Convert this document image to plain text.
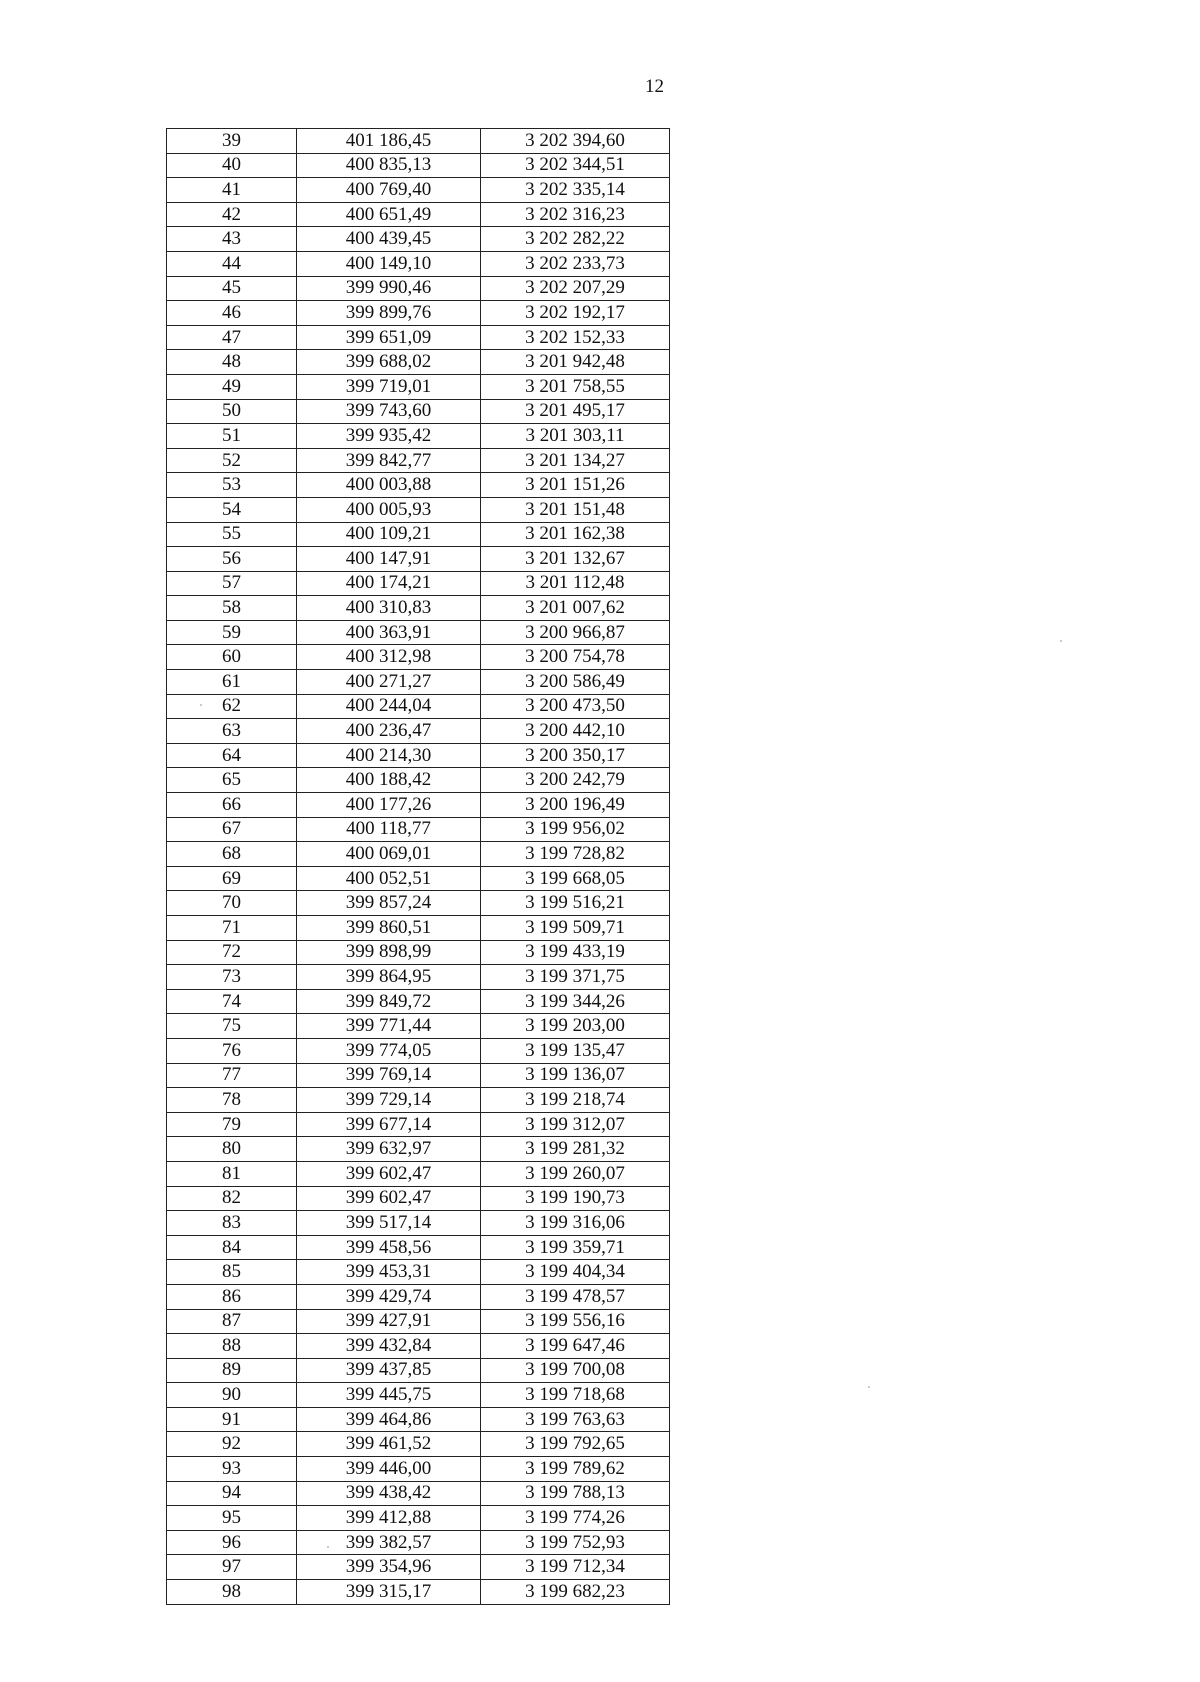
12
39	401 186,45	3 202 394,60
40	400 835,13	3 202 344,51
41	400 769,40	3 202 335,14
42	400 651,49	3 202 316,23
43	400 439,45	3 202 282,22
44	400 149,10	3 202 233,73
45	399 990,46	3 202 207,29
46	399 899,76	3 202 192,17
47	399 651,09	3 202 152,33
48	399 688,02	3 201 942,48
49	399 719,01	3 201 758,55
50	399 743,60	3 201 495,17
51	399 935,42	3 201 303,11
52	399 842,77	3 201 134,27
53	400 003,88	3 201 151,26
54	400 005,93	3 201 151,48
55	400 109,21	3 201 162,38
56	400 147,91	3 201 132,67
57	400 174,21	3 201 112,48
58	400 310,83	3 201 007,62
59	400 363,91	3 200 966,87
60	400 312,98	3 200 754,78
61	400 271,27	3 200 586,49
62	400 244,04	3 200 473,50
63	400 236,47	3 200 442,10
64	400 214,30	3 200 350,17
65	400 188,42	3 200 242,79
66	400 177,26	3 200 196,49
67	400 118,77	3 199 956,02
68	400 069,01	3 199 728,82
69	400 052,51	3 199 668,05
70	399 857,24	3 199 516,21
71	399 860,51	3 199 509,71
72	399 898,99	3 199 433,19
73	399 864,95	3 199 371,75
74	399 849,72	3 199 344,26
75	399 771,44	3 199 203,00
76	399 774,05	3 199 135,47
77	399 769,14	3 199 136,07
78	399 729,14	3 199 218,74
79	399 677,14	3 199 312,07
80	399 632,97	3 199 281,32
81	399 602,47	3 199 260,07
82	399 602,47	3 199 190,73
83	399 517,14	3 199 316,06
84	399 458,56	3 199 359,71
85	399 453,31	3 199 404,34
86	399 429,74	3 199 478,57
87	399 427,91	3 199 556,16
88	399 432,84	3 199 647,46
89	399 437,85	3 199 700,08
90	399 445,75	3 199 718,68
91	399 464,86	3 199 763,63
92	399 461,52	3 199 792,65
93	399 446,00	3 199 789,62
94	399 438,42	3 199 788,13
95	399 412,88	3 199 774,26
96	399 382,57	3 199 752,93
97	399 354,96	3 199 712,34
98	399 315,17	3 199 682,23
